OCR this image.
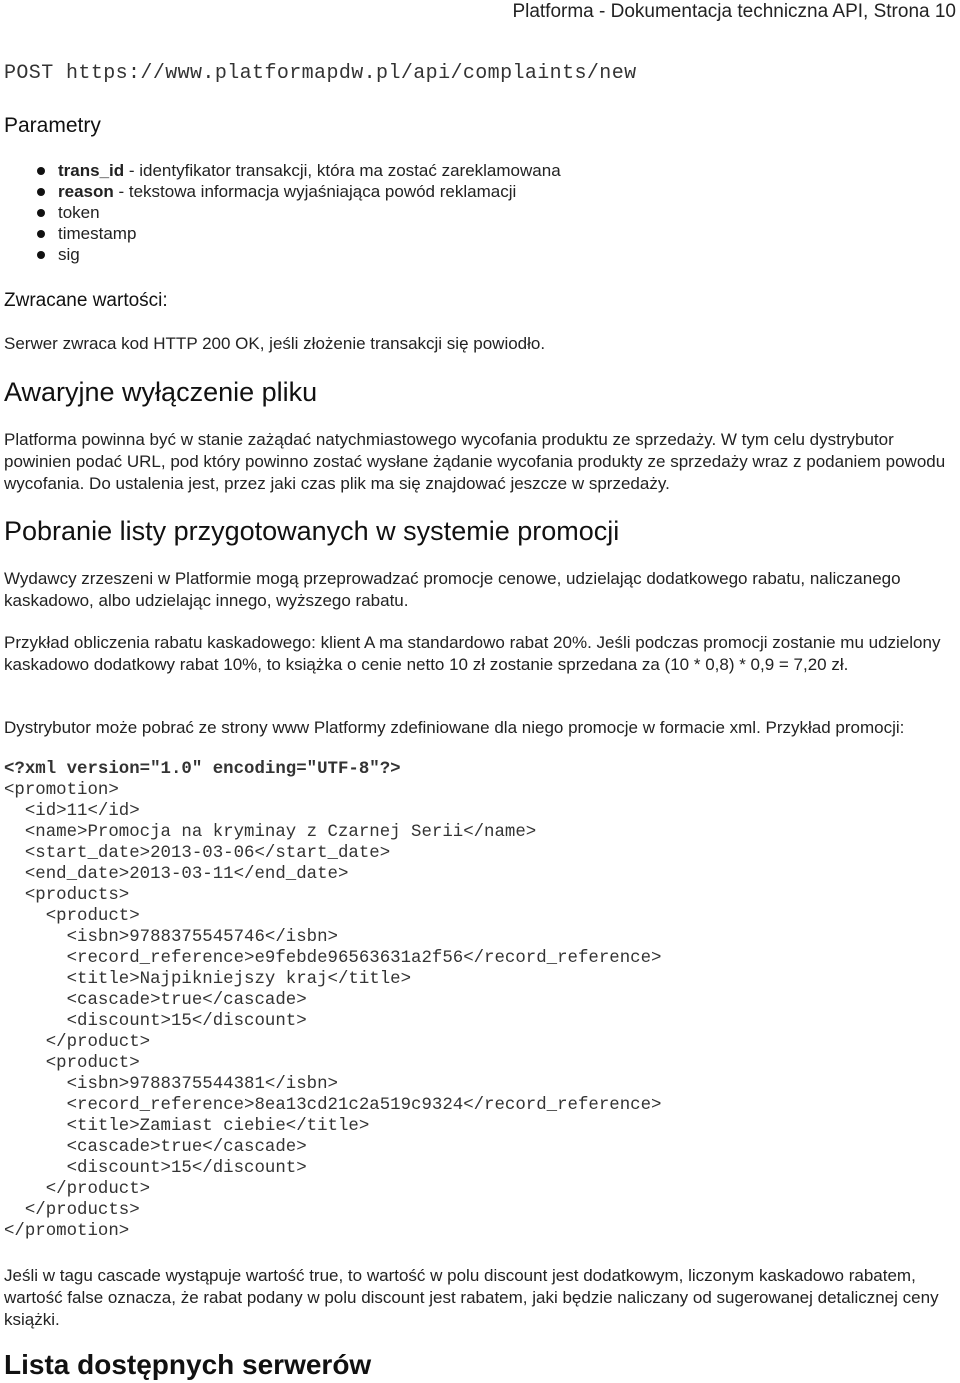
Platforma - Dokumentacja techniczna API, Strona 10
POST https://www.platformapdw.pl/api/complaints/new
Parametry
trans_id - identyfikator transakcji, która ma zostać zareklamowana
reason - tekstowa informacja wyjaśniająca powód reklamacji
token
timestamp
sig
Zwracane wartości:
Serwer zwraca kod HTTP 200 OK, jeśli złożenie transakcji się powiodło.
Awaryjne wyłączenie pliku

Platforma powinna być w stanie zażądać natychmiastowego wycofania produktu ze sprzedaży. W tym celu dystrybutor powinien podać URL, pod który powinno zostać wysłane żądanie wycofania produkty ze sprzedaży wraz z podaniem powodu wycofania. Do ustalenia jest, przez jaki czas plik ma się znajdować jeszcze w sprzedaży.

Pobranie listy przygotowanych w systemie promocji

Wydawcy zrzeszeni w Platformie mogą przeprowadzać promocje cenowe, udzielając dodatkowego rabatu, naliczanego kaskadowo, albo udzielając innego, wyższego rabatu.

Przykład obliczenia rabatu kaskadowego: klient A ma standardowo rabat 20%. Jeśli podczas promocji zostanie mu udzielony kaskadowo dodatkowy rabat 10%, to książka o cenie netto 10 zł zostanie sprzedana za (10 * 0,8) * 0,9 = 7,20 zł.

Dystrybutor może pobrać ze strony www Platformy zdefiniowane dla niego promocje w formacie xml. Przykład promocji:

<?xml version="1.0" encoding="UTF-8"?>
<promotion>
<id>11</id>
<name>Promocja na kryminay z Czarnej Serii</name>
<start_date>2013-03-06</start_date>
<end_date>2013-03-11</end_date>
<products>
<product>
<isbn>9788375545746</isbn>
<record_reference>e9febde96563631a2f56</record_reference>
<title>Najpikniejszy kraj</title>
<cascade>true</cascade>
<discount>15</discount>
</product>
<product>
<isbn>9788375544381</isbn>
<record_reference>8ea13cd21c2a519c9324</record_reference>
<title>Zamiast ciebie</title>
<cascade>true</cascade>
<discount>15</discount>
</product>
</products>
</promotion>

Jeśli w tagu cascade wystąpuje wartość true, to wartość w polu discount jest dodatkowym, liczonym kaskadowo rabatem, wartość false oznacza, że rabat podany w polu discount jest rabatem, jaki będzie naliczany od sugerowanej detalicznej ceny książki.

Lista dostępnych serwerów
